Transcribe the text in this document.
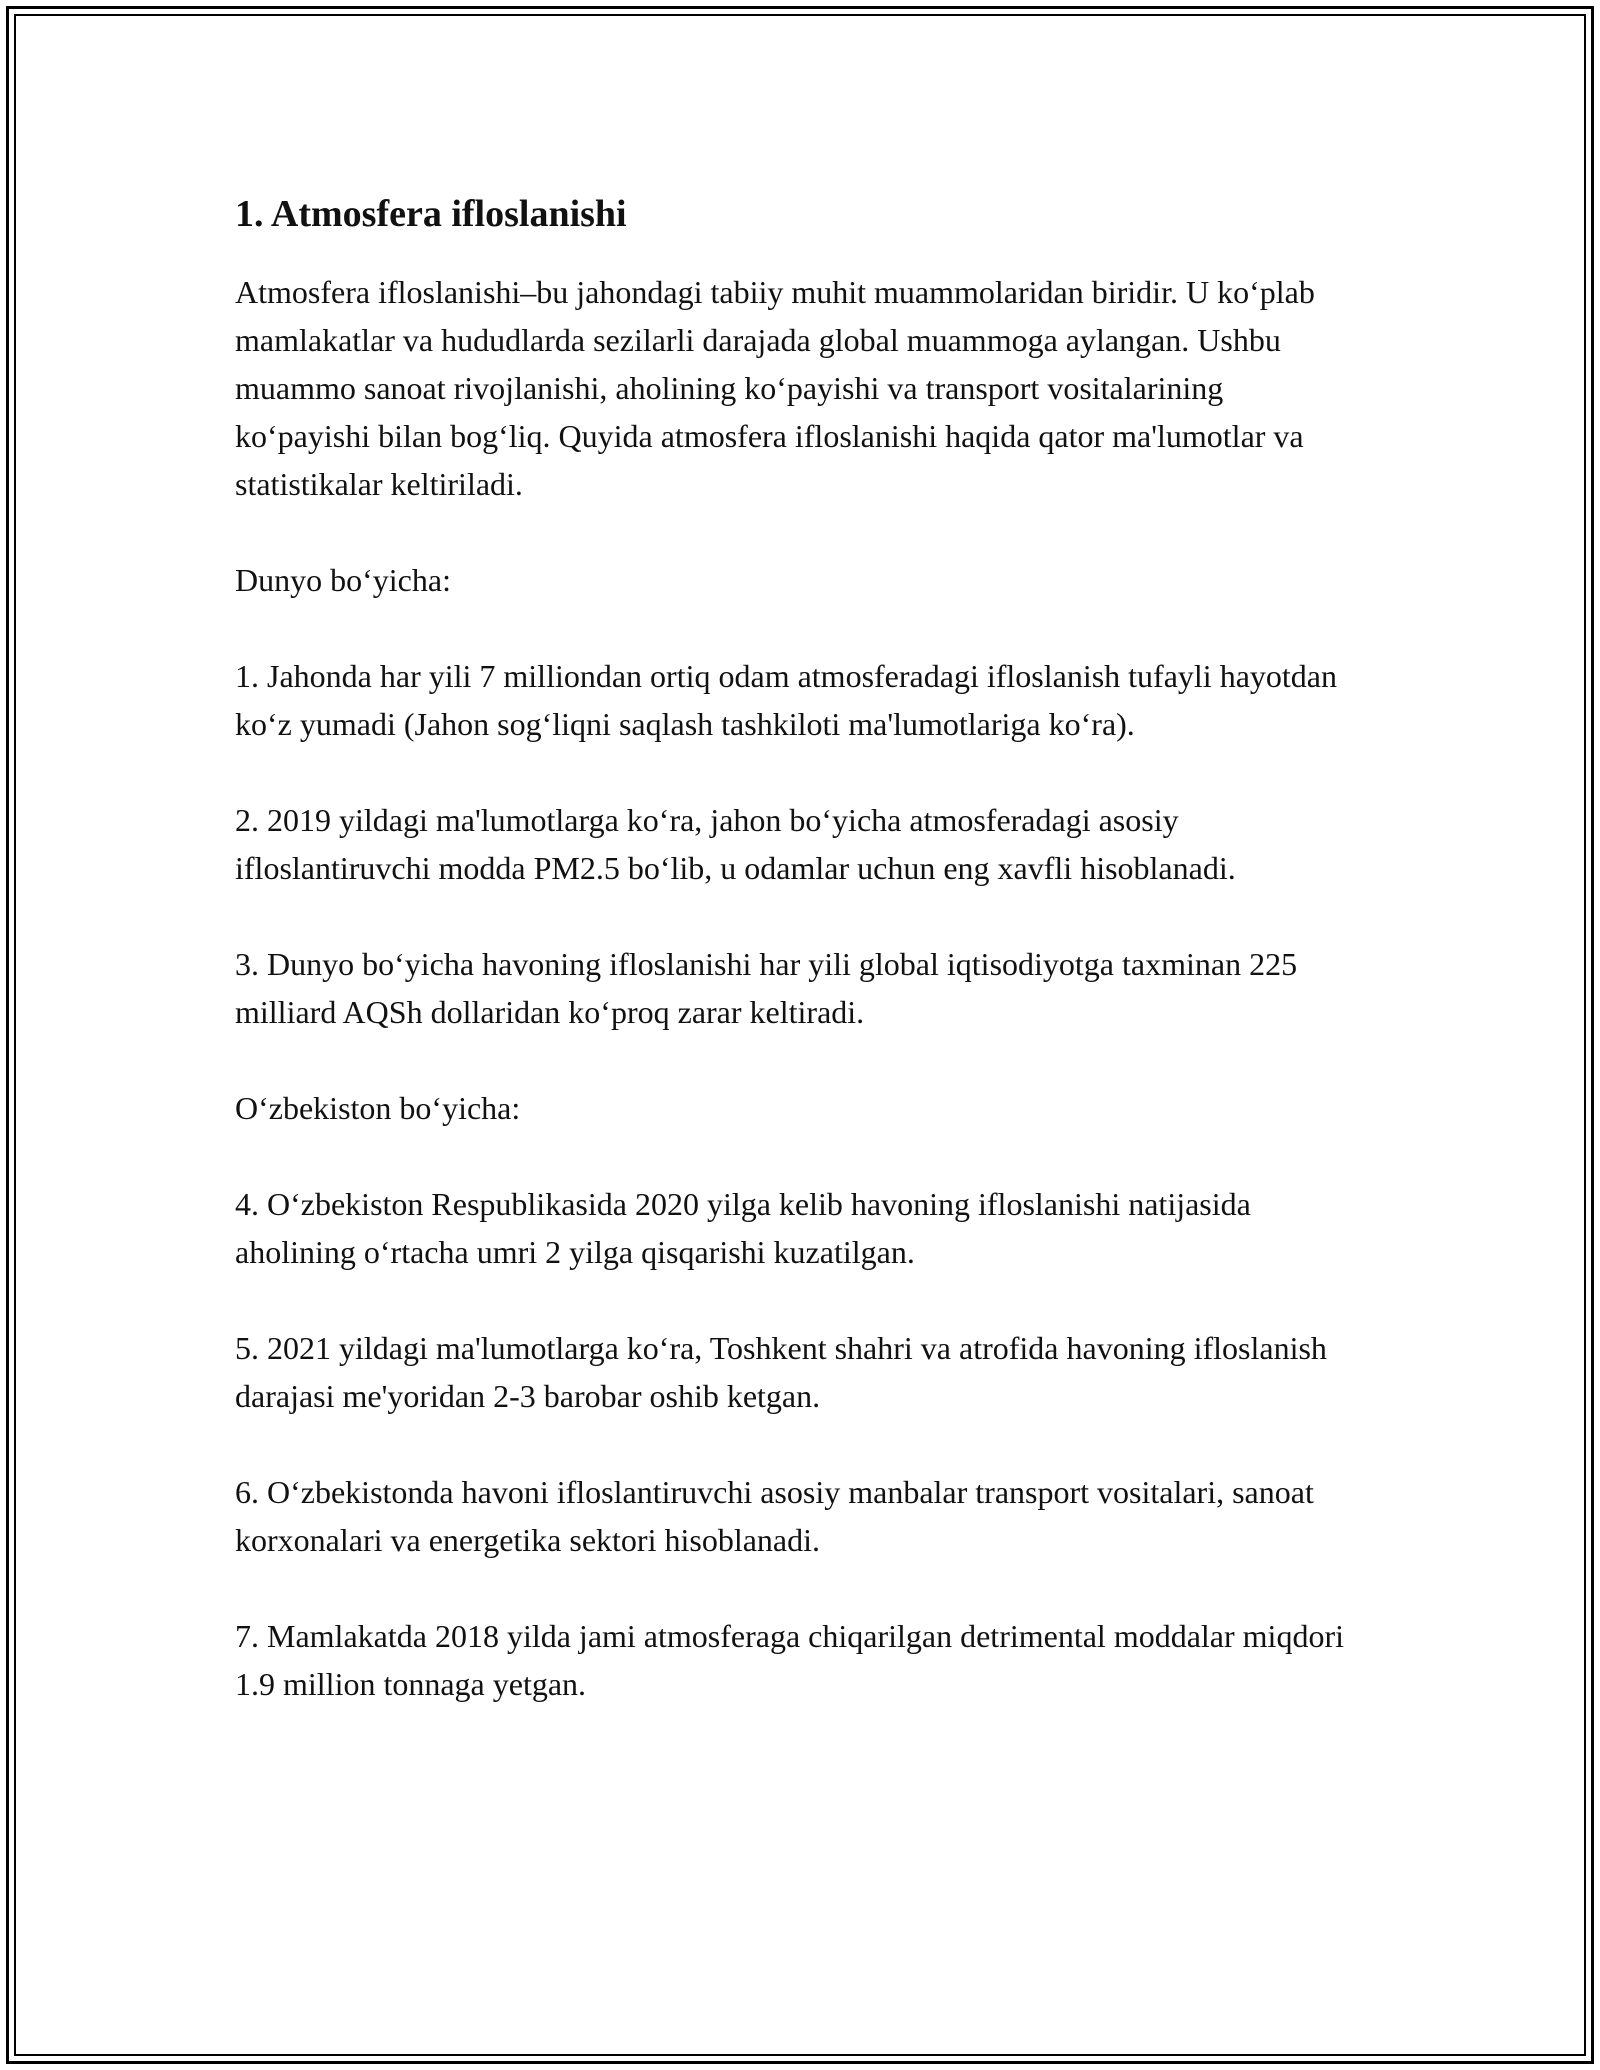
1. Atmosfera ifloslanishi

Atmosfera ifloslanishi–bu jahondagi tabiiy muhit muammolaridan biridir. U ko‘plab mamlakatlar va hududlarda sezilarli darajada global muammoga aylangan. Ushbu muammo sanoat rivojlanishi, aholining ko‘payishi va transport vositalarining ko‘payishi bilan bog‘liq. Quyida atmosfera ifloslanishi haqida qator ma'lumotlar va statistikalar keltiriladi.

Dunyo bo‘yicha:

1. Jahonda har yili 7 milliondan ortiq odam atmosferadagi ifloslanish tufayli hayotdan ko‘z yumadi (Jahon sog‘liqni saqlash tashkiloti ma'lumotlariga ko‘ra).

2. 2019 yildagi ma'lumotlarga ko‘ra, jahon bo‘yicha atmosferadagi asosiy ifloslantiruvchi modda PM2.5 bo‘lib, u odamlar uchun eng xavfli hisoblanadi.

3. Dunyo bo‘yicha havoning ifloslanishi har yili global iqtisodiyotga taxminan 225 milliard AQSh dollaridan ko‘proq zarar keltiradi.

O‘zbekiston bo‘yicha:

4. O‘zbekiston Respublikasida 2020 yilga kelib havoning ifloslanishi natijasida aholining o‘rtacha umri 2 yilga qisqarishi kuzatilgan.

5. 2021 yildagi ma'lumotlarga ko‘ra, Toshkent shahri va atrofida havoning ifloslanish darajasi me'yoridan 2-3 barobar oshib ketgan.

6. O‘zbekistonda havoni ifloslantiruvchi asosiy manbalar transport vositalari, sanoat korxonalari va energetika sektori hisoblanadi.

7. Mamlakatda 2018 yilda jami atmosferaga chiqarilgan detrimental moddalar miqdori 1.9 million tonnaga yetgan.
